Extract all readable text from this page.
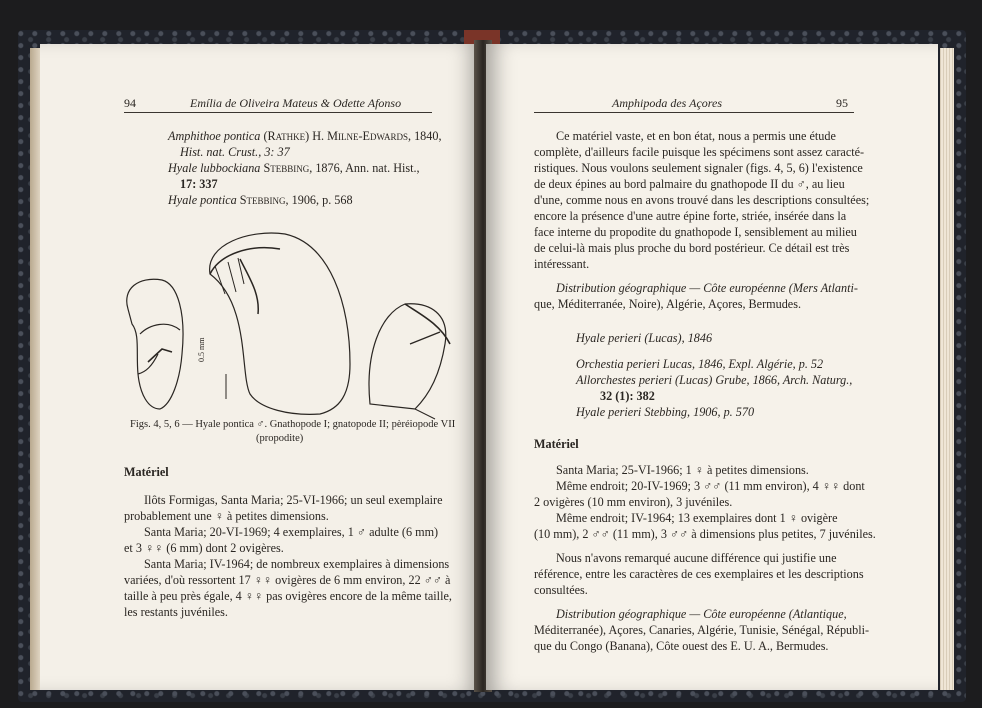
94	Emília de Oliveira Mateus & Odette Afonso
Amphithoe pontica (Rathke) H. Milne-Edwards, 1840,
Hist. nat. Crust., 3: 37
Hyale lubbockiana Stebbing, 1876, Ann. nat. Hist.,
17: 337
Hyale pontica Stebbing, 1906, p. 568
0.5 mm
Figs. 4, 5, 6 — Hyale pontica ♂. Gnathopode I; gnatopode II; pèréiopode VII
(propodite)
Matériel
Ilôts Formigas, Santa Maria; 25-VI-1966; un seul exemplaire
probablement une ♀ à petites dimensions.
Santa Maria; 20-VI-1969; 4 exemplaires, 1 ♂ adulte (6 mm)
et 3 ♀♀ (6 mm) dont 2 ovigères.
Santa Maria; IV-1964; de nombreux exemplaires à dimensions
variées, d'où ressortent 17 ♀♀ ovigères de 6 mm environ, 22 ♂♂ à
taille à peu près égale, 4 ♀♀ pas ovigères encore de la même taille,
les restants juvéniles.
Amphipoda des Açores	95
Ce matériel vaste, et en bon état, nous a permis une étude
complète, d'ailleurs facile puisque les spécimens sont assez caracté-
ristiques. Nous voulons seulement signaler (figs. 4, 5, 6) l'existence
de deux épines au bord palmaire du gnathopode II du ♂, au lieu
d'une, comme nous en avons trouvé dans les descriptions consultées;
encore la présence d'une autre épine forte, striée, insérée dans la
face interne du propodite du gnathopode I, sensiblement au milieu
de celui-là mais plus proche du bord postérieur. Ce détail est très
intéressant.
Distribution géographique — Côte européenne (Mers Atlanti-
que, Méditerranée, Noire), Algérie, Açores, Bermudes.
Hyale perieri (Lucas), 1846
Orchestia perieri Lucas, 1846, Expl. Algérie, p. 52
Allorchestes perieri (Lucas) Grube, 1866, Arch. Naturg.,
32 (1): 382
Hyale perieri Stebbing, 1906, p. 570
Matériel
Santa Maria; 25-VI-1966; 1 ♀ à petites dimensions.
Même endroit; 20-IV-1969; 3 ♂♂ (11 mm environ), 4 ♀♀ dont
2 ovigères (10 mm environ), 3 juvéniles.
Même endroit; IV-1964; 13 exemplaires dont 1 ♀ ovigère
(10 mm), 2 ♂♂ (11 mm), 3 ♂♂ à dimensions plus petites, 7 juvéniles.
Nous n'avons remarqué aucune différence qui justifie une
référence, entre les caractères de ces exemplaires et les descriptions
consultées.
Distribution géographique — Côte européenne (Atlantique,
Méditerranée), Açores, Canaries, Algérie, Tunisie, Sénégal, Républi-
que du Congo (Banana), Côte ouest des E. U. A., Bermudes.
